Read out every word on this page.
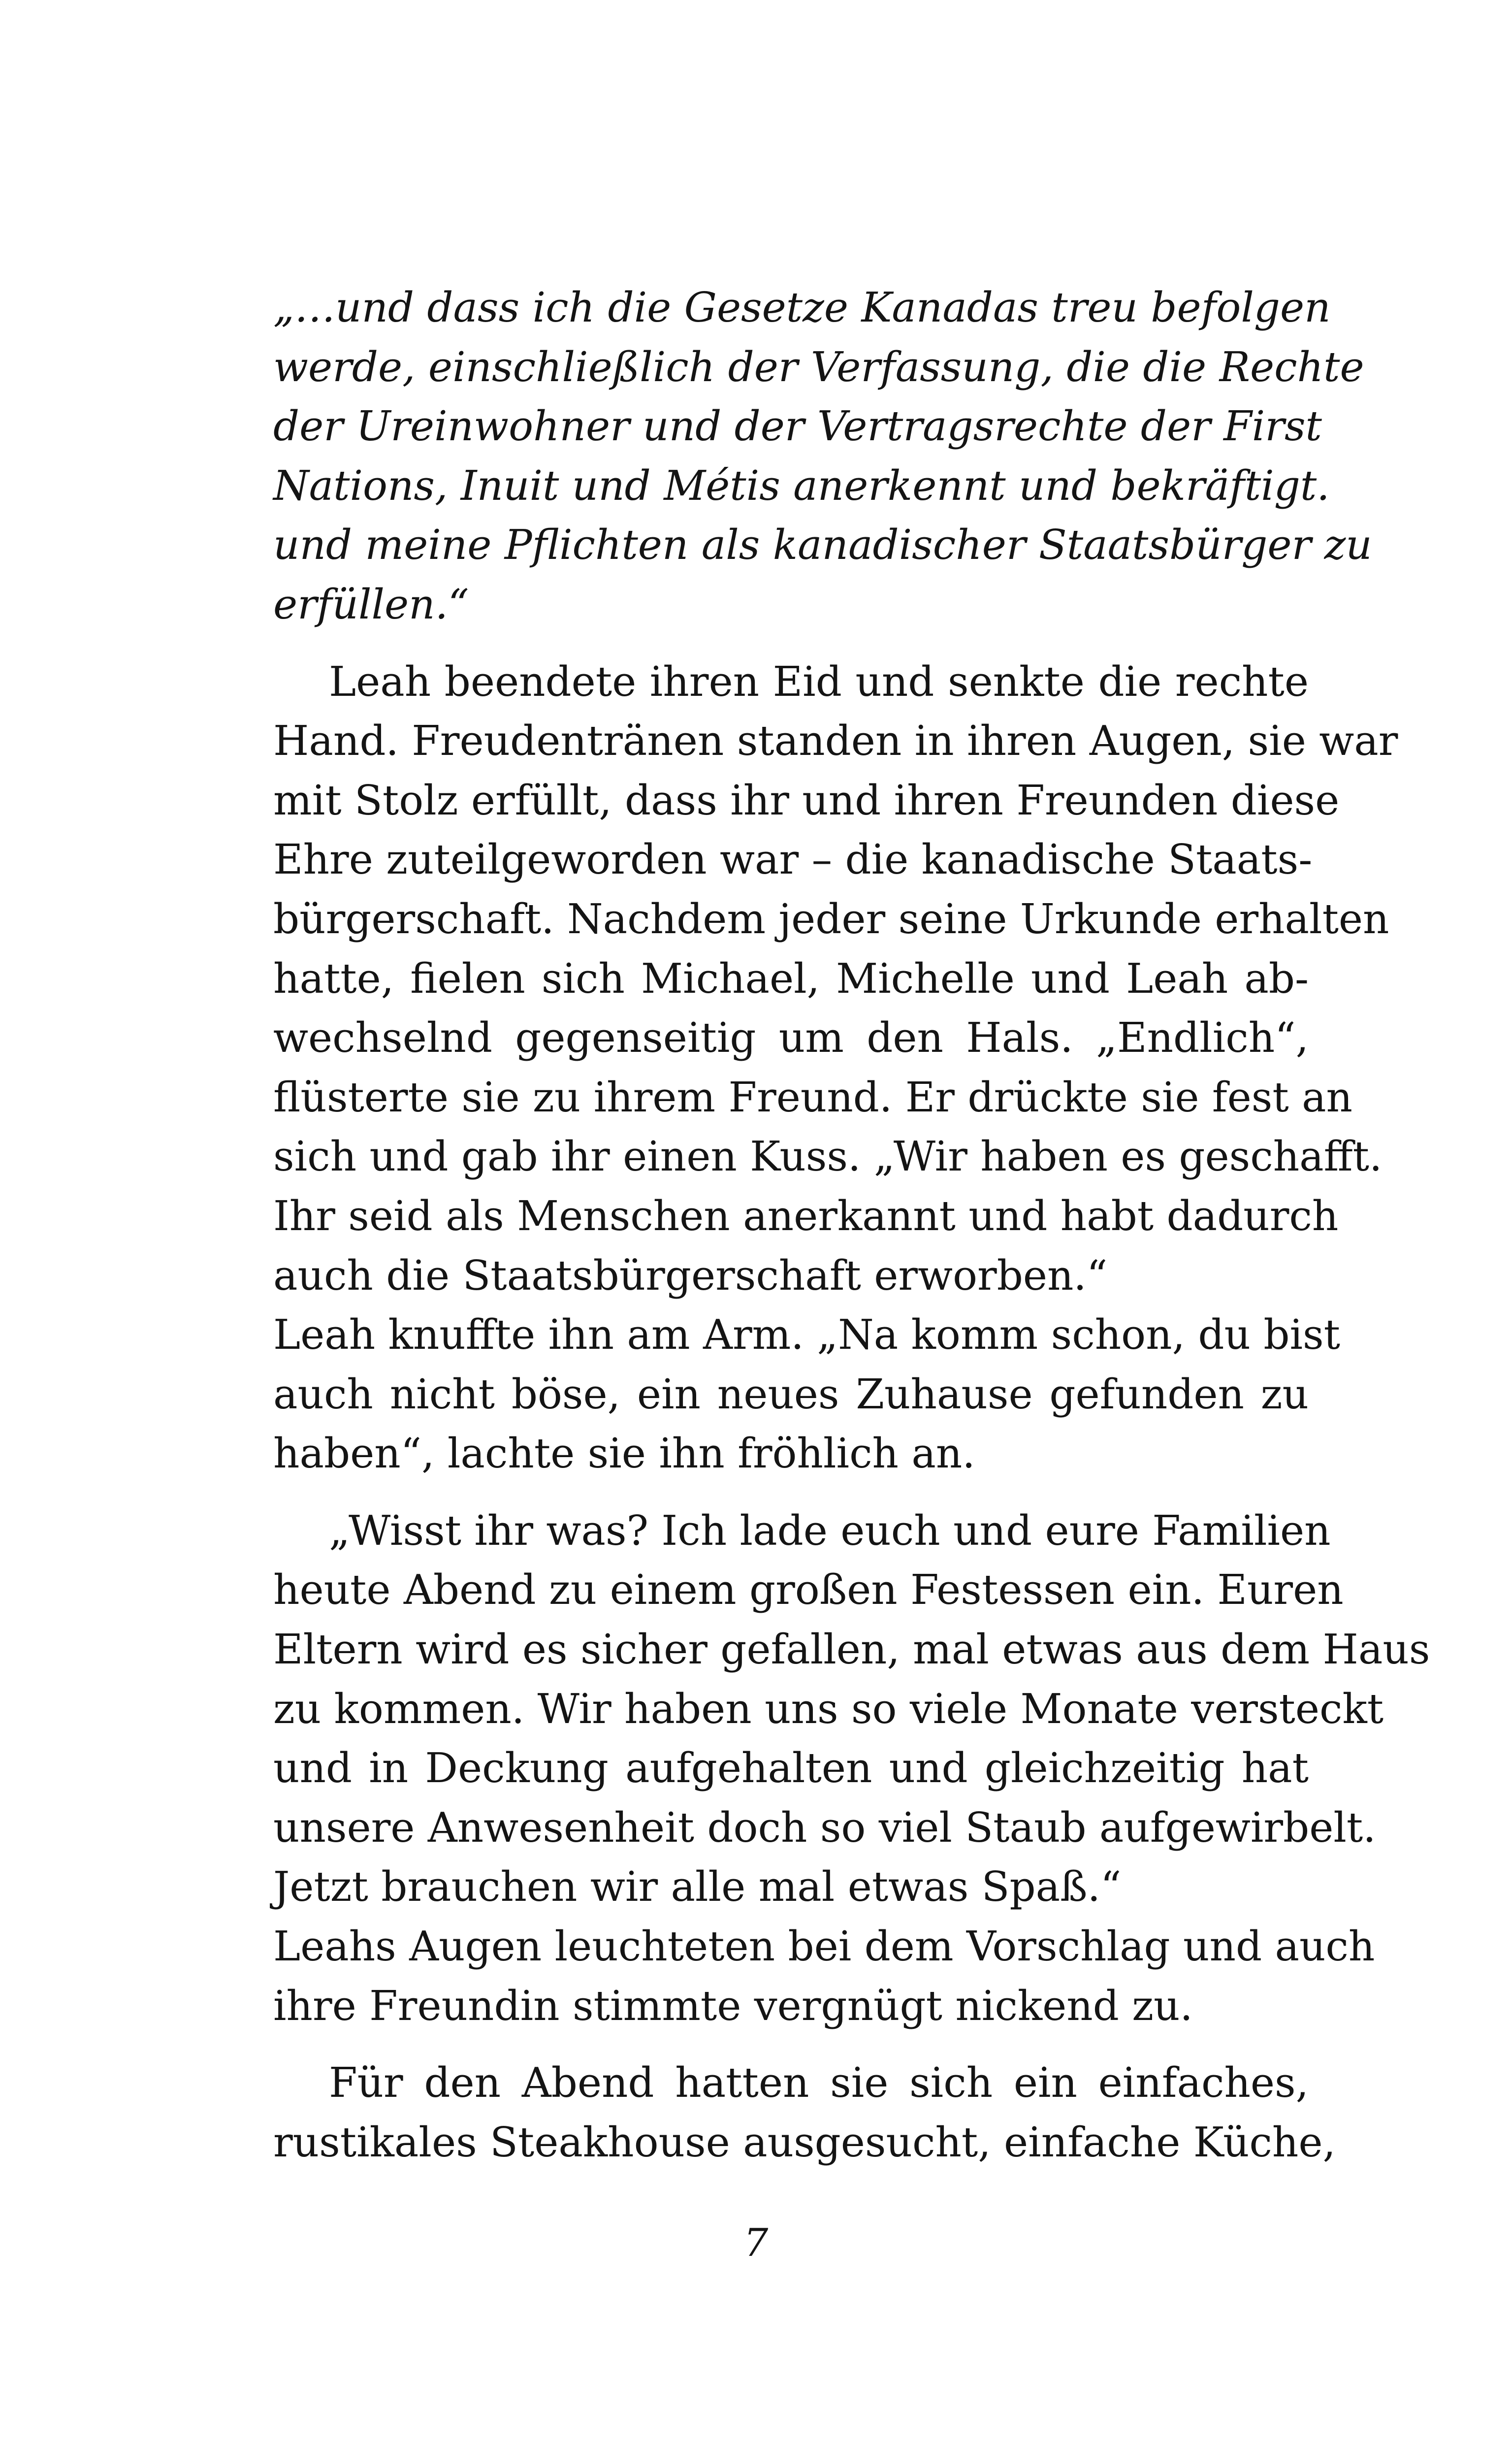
„…und dass ich die Gesetze Kanadas treu befolgen
werde, einschließlich der Verfassung, die die Rechte
der Ureinwohner und der Vertragsrechte der First
Nations, Inuit und Métis anerkennt und bekräftigt.
und meine Pflichten als kanadischer Staatsbürger zu
erfüllen.“
Leah beendete ihren Eid und senkte die rechte
Hand. Freudentränen standen in ihren Augen, sie war
mit Stolz erfüllt, dass ihr und ihren Freunden diese
Ehre zuteilgeworden war – die kanadische Staats-
bürgerschaft. Nachdem jeder seine Urkunde erhalten
hatte, fielen sich Michael, Michelle und Leah ab-
wechselnd gegenseitig um den Hals. „Endlich“,
flüsterte sie zu ihrem Freund. Er drückte sie fest an
sich und gab ihr einen Kuss. „Wir haben es geschafft.
Ihr seid als Menschen anerkannt und habt dadurch
auch die Staatsbürgerschaft erworben.“
Leah knuffte ihn am Arm. „Na komm schon, du bist
auch nicht böse, ein neues Zuhause gefunden zu
haben“, lachte sie ihn fröhlich an.
„Wisst ihr was? Ich lade euch und eure Familien
heute Abend zu einem großen Festessen ein. Euren
Eltern wird es sicher gefallen, mal etwas aus dem Haus
zu kommen. Wir haben uns so viele Monate versteckt
und in Deckung aufgehalten und gleichzeitig hat
unsere Anwesenheit doch so viel Staub aufgewirbelt.
Jetzt brauchen wir alle mal etwas Spaß.“
Leahs Augen leuchteten bei dem Vorschlag und auch
ihre Freundin stimmte vergnügt nickend zu.
Für den Abend hatten sie sich ein einfaches,
rustikales Steakhouse ausgesucht, einfache Küche,
7
